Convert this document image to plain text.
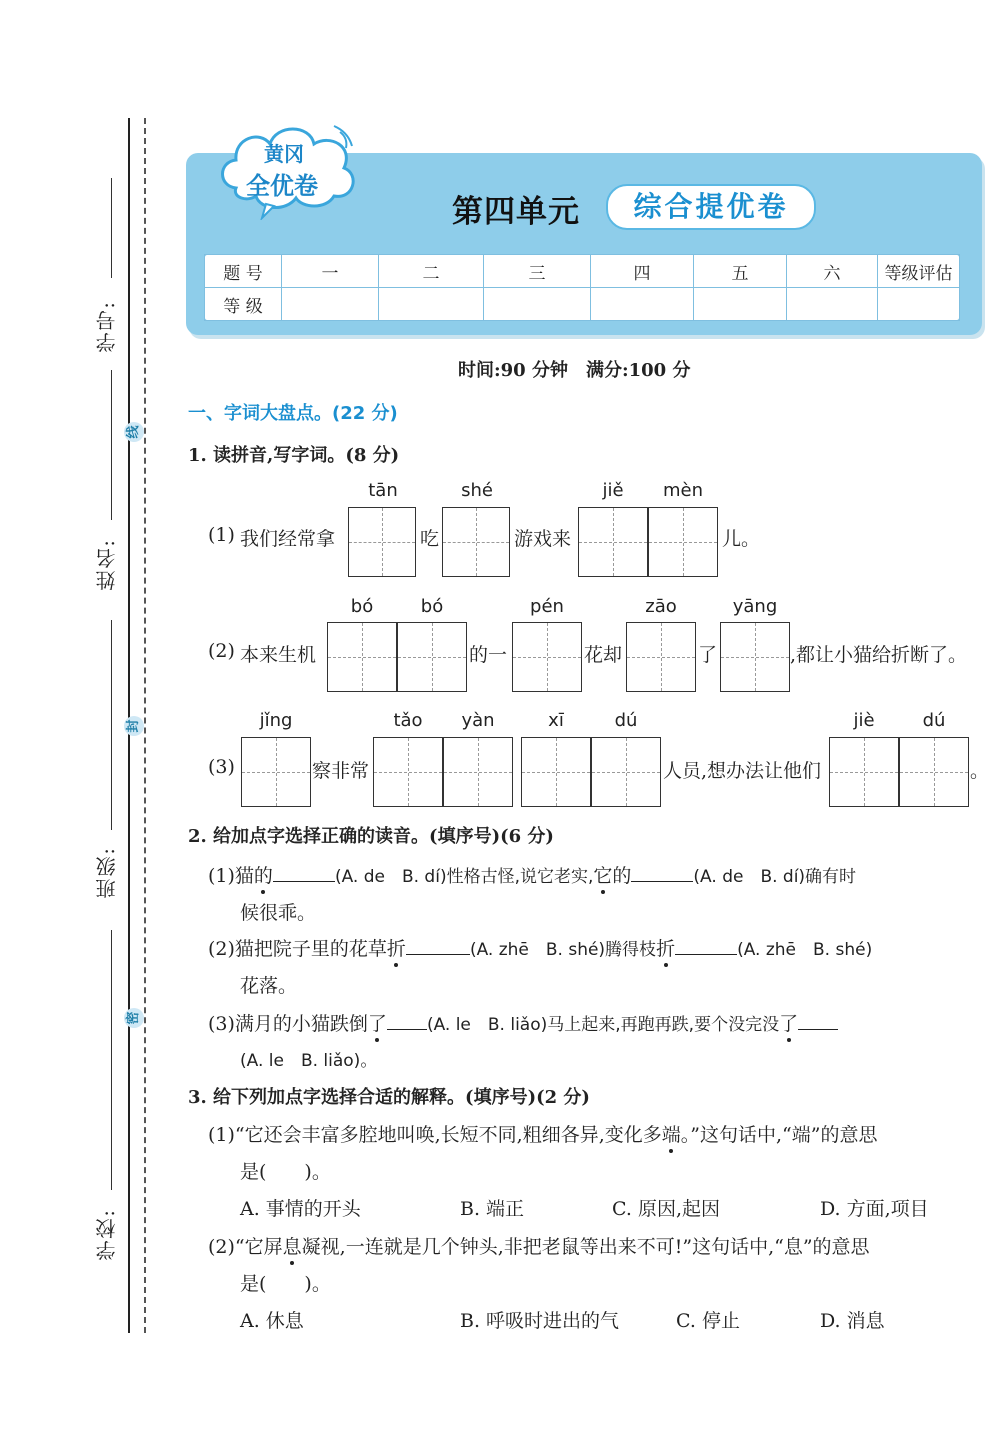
学号:
姓名:
班级:
学校:
线
封
密
黄冈
全优卷
第四单元	综合提优卷
题 号	一	二	三	四	五	六	等级评估
等 级							
时间:90 分钟　满分:100 分
一、字词大盘点。(22 分)
1. 读拼音,写字词。(8 分)
tān	shé	jiě	mèn
(1) 我们经常拿	吃	游戏来	儿。
bó	bó	pén	zāo	yāng
(2) 本来生机	的一	花却	了	,都让小猫给折断了。
jǐng	tǎo	yàn	xī	dú	jiè	dú
(3)	察非常	人员,想办法让他们	。
2. 给加点字选择正确的读音。(填序号)(6 分)
(1)猫的	(A. de　B. dí)性格古怪,说它老实,它的	(A. de　B. dí)确有时
候很乖。
(2)猫把院子里的花草折	(A. zhē　B. shé)腾得枝折	(A. zhē　B. shé)
花落。
(3)满月的小猫跌倒了 (A. le　B. liǎo)马上起来,再跑再跌,要个没完没了
(A. le　B. liǎo)。
3. 给下列加点字选择合适的解释。(填序号)(2 分)
(1)“它还会丰富多腔地叫唤,长短不同,粗细各异,变化多端。”这句话中,“端”的意思
是(　　)。
A. 事情的开头	B. 端正	C. 原因,起因	D. 方面,项目
(2)“它屏息凝视,一连就是几个钟头,非把老鼠等出来不可!”这句话中,“息”的意思
是(　　)。
A. 休息	B. 呼吸时进出的气	C. 停止	D. 消息
